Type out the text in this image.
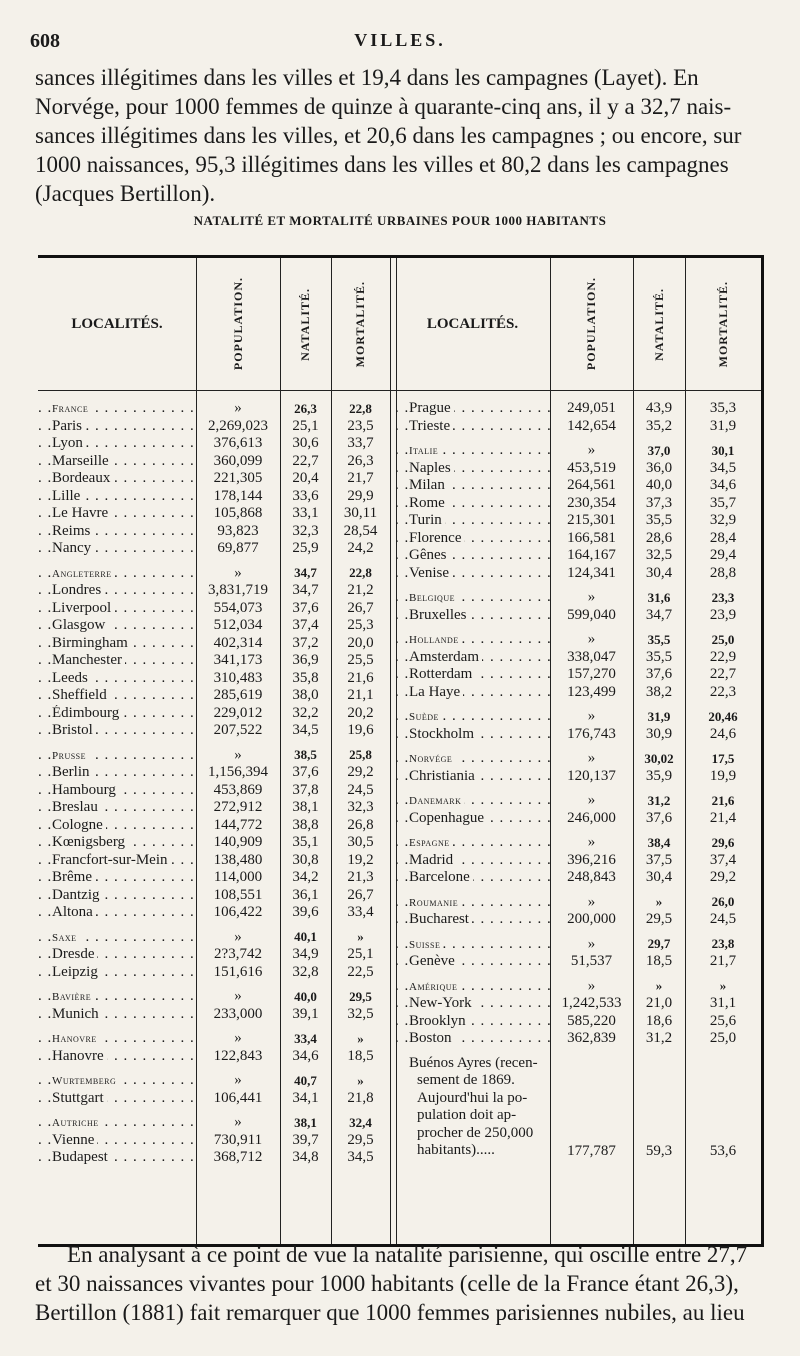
608	VILLES.
sances illégitimes dans les villes et 19,4 dans les campagnes (Layet). En
Norvége, pour 1000 femmes de quinze à quarante-cinq ans, il y a 32,7 nais-
sances illégitimes dans les villes, et 20,6 dans les campagnes ; ou encore, sur
1000 naissances, 95,3 illégitimes dans les villes et 80,2 dans les campagnes
(Jacques Bertillon).
NATALITÉ ET MORTALITÉ URBAINES POUR 1000 HABITANTS
LOCALITÉS.	POPULATION.	NATALITÉ.	MORTALITÉ.	LOCALITÉS.	POPULATION.	NATALITÉ.	MORTALITÉ.
France . . .	»	26,3	22,8
Paris . . .	2,269,023	25,1	23,5
Lyon . . .	376,613	30,6	33,7
Marseille . . .	360,099	22,7	26,3
Bordeaux . . .	221,305	20,4	21,7
Lille . . .	178,144	33,6	29,9
Le Havre . . .	105,868	33,1	30,11
Reims . . .	93,823	32,3	28,54
Nancy . . .	69,877	25,9	24,2
Angleterre . . .	»	34,7	22,8
Londres . . .	3,831,719	34,7	21,2
Liverpool . . .	554,073	37,6	26,7
Glasgow . . .	512,034	37,4	25,3
Birmingham . . .	402,314	37,2	20,0
Manchester . . .	341,173	36,9	25,5
Leeds . . .	310,483	35,8	21,6
Sheffield . . .	285,619	38,0	21,1
Édimbourg . . .	229,012	32,2	20,2
Bristol . . .	207,522	34,5	19,6
Prusse . . .	»	38,5	25,8
Berlin . . .	1,156,394	37,6	29,2
Hambourg . . .	453,869	37,8	24,5
Breslau . . .	272,912	38,1	32,3
Cologne . . .	144,772	38,8	26,8
Kœnigsberg . . .	140,909	35,1	30,5
Francfort-sur-Mein . . .	138,480	30,8	19,2
Brême . . .	114,000	34,2	21,3
Dantzig . . .	108,551	36,1	26,7
Altona . . .	106,422	39,6	33,4
Saxe . . .	»	40,1	»
Dresde . . .	2?3,742	34,9	25,1
Leipzig . . .	151,616	32,8	22,5
Bavière . . .	»	40,0	29,5
Munich . . .	233,000	39,1	32,5
Hanovre . . .	»	33,4	»
Hanovre . . .	122,843	34,6	18,5
Wurtemberg . . .	»	40,7	»
Stuttgart . . .	106,441	34,1	21,8
Autriche . . .	»	38,1	32,4
Vienne . . .	730,911	39,7	29,5
Budapest . . .	368,712	34,8	34,5
Prague . . .	249,051	43,9	35,3
Trieste . . .	142,654	35,2	31,9
Italie . . .	»	37,0	30,1
Naples . . .	453,519	36,0	34,5
Milan . . .	264,561	40,0	34,6
Rome . . .	230,354	37,3	35,7
Turin . . .	215,301	35,5	32,9
Florence . . .	166,581	28,6	28,4
Gênes . . .	164,167	32,5	29,4
Venise . . .	124,341	30,4	28,8
Belgique . . .	»	31,6	23,3
Bruxelles . . .	599,040	34,7	23,9
Hollande . . .	»	35,5	25,0
Amsterdam . . .	338,047	35,5	22,9
Rotterdam . . .	157,270	37,6	22,7
La Haye . . .	123,499	38,2	22,3
Suède . . .	»	31,9	20,46
Stockholm . . .	176,743	30,9	24,6
Norvége . . .	»	30,02	17,5
Christiania . . .	120,137	35,9	19,9
Danemark . . .	»	31,2	21,6
Copenhague . . .	246,000	37,6	21,4
Espagne . . .	»	38,4	29,6
Madrid . . .	396,216	37,5	37,4
Barcelone . . .	248,843	30,4	29,2
Roumanie . . .	»	»	26,0
Bucharest . . .	200,000	29,5	24,5
Suisse . . .	»	29,7	23,8
Genève . . .	51,537	18,5	21,7
Amérique . . .	»	»	»
New-York . . .	1,242,533	21,0	31,1
Brooklyn . . .	585,220	18,6	25,6
Boston . . .	362,839	31,2	25,0
Buénos Ayres (recen-
sement de 1869.
Aujourd'hui la po-
pulation doit ap-
procher de 250,000
habitants).....	177,787	59,3	53,6
En analysant à ce point de vue la natalité parisienne, qui oscille entre 27,7
et 30 naissances vivantes pour 1000 habitants (celle de la France étant 26,3),
Bertillon (1881) fait remarquer que 1000 femmes parisiennes nubiles, au lieu
